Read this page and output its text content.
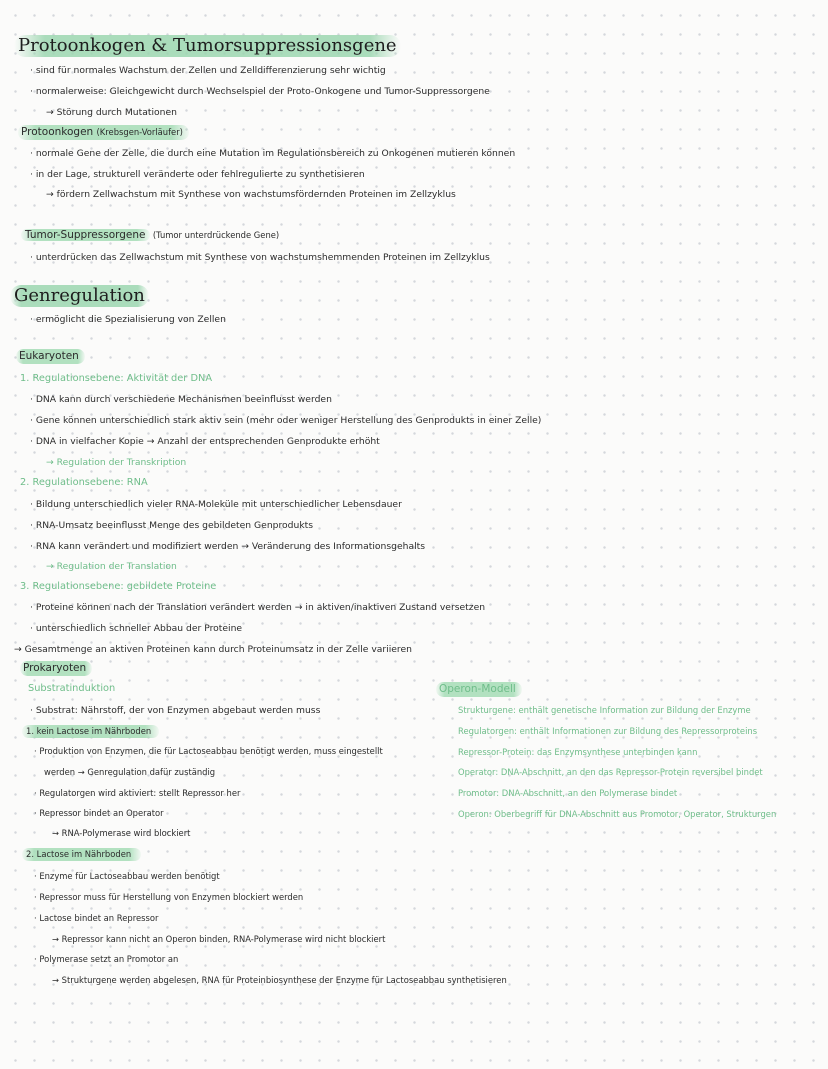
Protoonkogen & Tumorsuppressionsgene
· sind für normales Wachstum der Zellen und Zelldifferenzierung sehr wichtig
· normalerweise: Gleichgewicht durch Wechselspiel der Proto-Onkogene und Tumor-Suppressorgene
→ Störung durch Mutationen
Protoonkogen (Krebsgen-Vorläufer)
· normale Gene der Zelle, die durch eine Mutation im Regulationsbereich zu Onkogenen mutieren können
· in der Lage, strukturell veränderte oder fehlregulierte zu synthetisieren
→ fördern Zellwachstum mit Synthese von wachstumsfördernden Proteinen im Zellzyklus
Tumor-Suppressorgene (Tumor unterdrückende Gene)
· unterdrücken das Zellwachstum mit Synthese von wachstumshemmenden Proteinen im Zellzyklus
Genregulation
· ermöglicht die Spezialisierung von Zellen
Eukaryoten
1. Regulationsebene: Aktivität der DNA
· DNA kann durch verschiedene Mechanismen beeinflusst werden
· Gene können unterschiedlich stark aktiv sein (mehr oder weniger Herstellung des Genprodukts in einer Zelle)
· DNA in vielfacher Kopie → Anzahl der entsprechenden Genprodukte erhöht
→ Regulation der Transkription
2. Regulationsebene: RNA
· Bildung unterschiedlich vieler RNA-Moleküle mit unterschiedlicher Lebensdauer
· RNA-Umsatz beeinflusst Menge des gebildeten Genprodukts
· RNA kann verändert und modifiziert werden → Veränderung des Informationsgehalts
→ Regulation der Translation
3. Regulationsebene: gebildete Proteine
· Proteine können nach der Translation verändert werden → in aktiven/inaktiven Zustand versetzen
· unterschiedlich schneller Abbau der Proteine
→ Gesamtmenge an aktiven Proteinen kann durch Proteinumsatz in der Zelle variieren
Prokaryoten
Substratinduktion
· Substrat: Nährstoff, der von Enzymen abgebaut werden muss
1. kein Lactose im Nährboden
· Produktion von Enzymen, die für Lactoseabbau benötigt werden, muss eingestellt
werden → Genregulation dafür zuständig
· Regulatorgen wird aktiviert: stellt Repressor her
· Repressor bindet an Operator
→ RNA-Polymerase wird blockiert
2. Lactose im Nährboden
· Enzyme für Lactoseabbau werden benötigt
· Repressor muss für Herstellung von Enzymen blockiert werden
· Lactose bindet an Repressor
→ Repressor kann nicht an Operon binden, RNA-Polymerase wird nicht blockiert
· Polymerase setzt an Promotor an
→ Strukturgene werden abgelesen, RNA für Proteinbiosynthese der Enzyme für Lactoseabbau synthetisieren
Operon-Modell
Strukturgene: enthält genetische Information zur Bildung der Enzyme
Regulatorgen: enthält Informationen zur Bildung des Repressorproteins
Repressor-Protein: das Enzymsynthese unterbinden kann
Operator: DNA-Abschnitt, an den das Repressor-Protein reversibel bindet
Promotor: DNA-Abschnitt, an den Polymerase bindet
Operon: Oberbegriff für DNA-Abschnitt aus Promotor, Operator, Strukturgen
